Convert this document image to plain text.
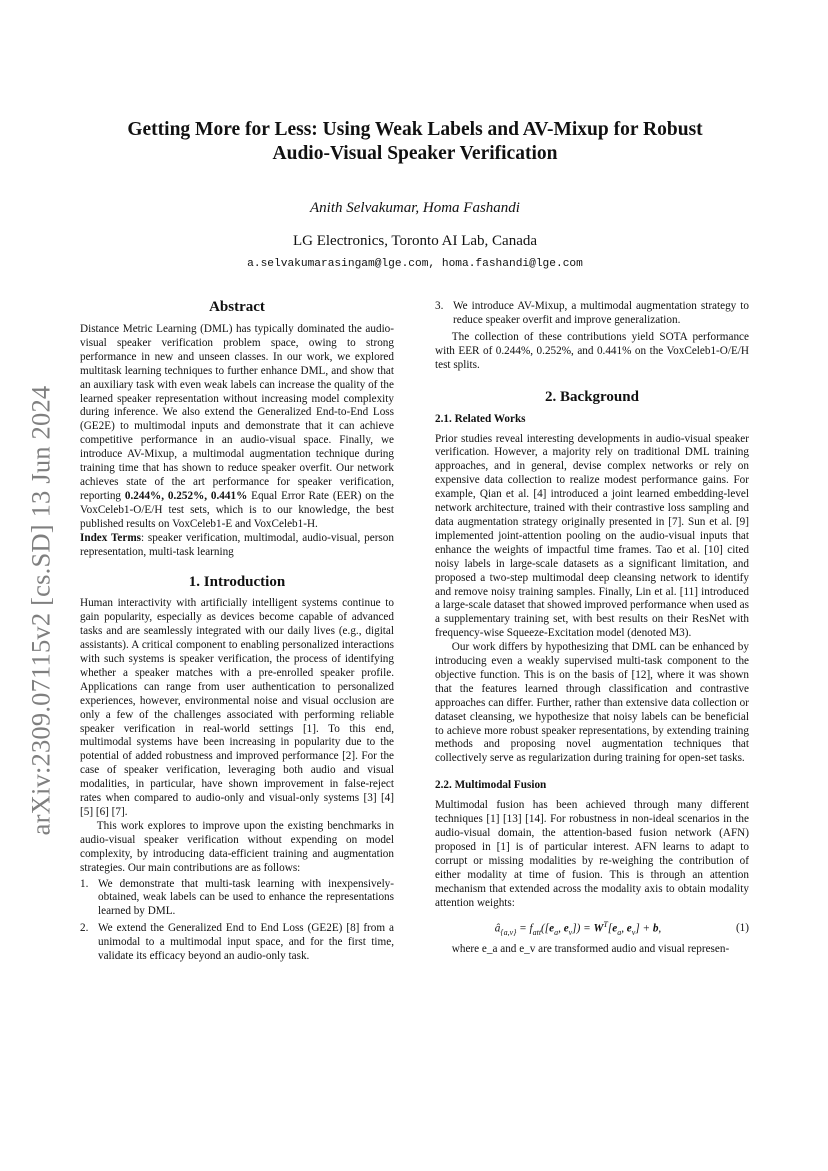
arXiv:2309.07115v2 [cs.SD] 13 Jun 2024
Getting More for Less: Using Weak Labels and AV-Mixup for Robust
Audio-Visual Speaker Verification
Anith Selvakumar, Homa Fashandi
LG Electronics, Toronto AI Lab, Canada
a.selvakumarasingam@lge.com, homa.fashandi@lge.com
Abstract

Distance Metric Learning (DML) has typically dominated the audio-visual speaker verification problem space, owing to strong performance in new and unseen classes. In our work, we explored multitask learning techniques to further enhance DML, and show that an auxiliary task with even weak labels can increase the quality of the learned speaker representation without increasing model complexity during inference. We also extend the Generalized End-to-End Loss (GE2E) to multimodal inputs and demonstrate that it can achieve competitive performance in an audio-visual space. Finally, we introduce AV-Mixup, a multimodal augmentation technique during training time that has shown to reduce speaker overfit. Our network achieves state of the art performance for speaker verification, reporting 0.244%, 0.252%, 0.441% Equal Error Rate (EER) on the VoxCeleb1-O/E/H test sets, which is to our knowledge, the best published results on VoxCeleb1-E and VoxCeleb1-H.

Index Terms: speaker verification, multimodal, audio-visual, person representation, multi-task learning

1. Introduction

Human interactivity with artificially intelligent systems continue to gain popularity, especially as devices become capable of advanced tasks and are seamlessly integrated with our daily lives (e.g., digital assistants). A critical component to enabling personalized interactions with such systems is speaker verification, the process of identifying whether a speaker matches with a pre-enrolled speaker profile. Applications can range from user authentication to personalized experiences, however, environmental noise and visual occlusion are only a few of the challenges associated with performing reliable speaker verification in real-world settings [1]. To this end, multimodal systems have been increasing in popularity due to the potential of added robustness and improved performance [2]. For the case of speaker verification, leveraging both audio and visual modalities, in particular, have shown improvement in false-reject rates when compared to audio-only and visual-only systems [3] [4] [5] [6] [7].

This work explores to improve upon the existing benchmarks in audio-visual speaker verification without expending on model complexity, by introducing data-efficient training and augmentation strategies. Our main contributions are as follows:

1. We demonstrate that multi-task learning with inexpensively-obtained, weak labels can be used to enhance the representations learned by DML.
2. We extend the Generalized End to End Loss (GE2E) [8] from a unimodal to a multimodal input space, and for the first time, validate its efficacy beyond an audio-only task.
3. We introduce AV-Mixup, a multimodal augmentation strategy to reduce speaker overfit and improve generalization.

The collection of these contributions yield SOTA performance with EER of 0.244%, 0.252%, and 0.441% on the VoxCeleb1-O/E/H test splits.

2. Background
2.1. Related Works

Prior studies reveal interesting developments in audio-visual speaker verification. However, a majority rely on traditional DML training approaches, and in general, devise complex networks or rely on expensive data collection to realize modest performance gains. For example, Qian et al. [4] introduced a joint learned embedding-level network architecture, trained with their contrastive loss sampling and data augmentation strategy originally presented in [7]. Sun et al. [9] implemented joint-attention pooling on the audio-visual inputs that enhance the weights of impactful time frames. Tao et al. [10] cited noisy labels in large-scale datasets as a significant limitation, and proposed a two-step multimodal deep cleansing network to identify and remove noisy training samples. Finally, Lin et al. [11] introduced a large-scale dataset that showed improved performance when used as a supplementary training set, with best results on their ResNet with frequency-wise Squeeze-Excitation model (denoted M3).

Our work differs by hypothesizing that DML can be enhanced by introducing even a weakly supervised multi-task component to the objective function. This is on the basis of [12], where it was shown that the features learned through classification and contrastive approaches can differ. Further, rather than extensive data collection or dataset cleansing, we hypothesize that noisy labels can be beneficial to achieve more robust speaker representations, by extending training methods and proposing novel augmentation techniques that collectively serve as regularization during training for open-set tasks.

2.2. Multimodal Fusion

Multimodal fusion has been achieved through many different techniques [1] [13] [14]. For robustness in non-ideal scenarios in the audio-visual domain, the attention-based fusion network (AFN) proposed in [1] is of particular interest. AFN learns to adapt to corrupt or missing modalities by re-weighing the contribution of either modality at time of fusion. This is through an attention mechanism that extended across the modality axis to obtain modality attention weights:

$â_{\{a,v\}} = f_{att}([e_a$, $e_v]) = W^T[e_a$, $e_v] + b$,	(1)

where e_a and e_v are transformed audio and visual represen-
